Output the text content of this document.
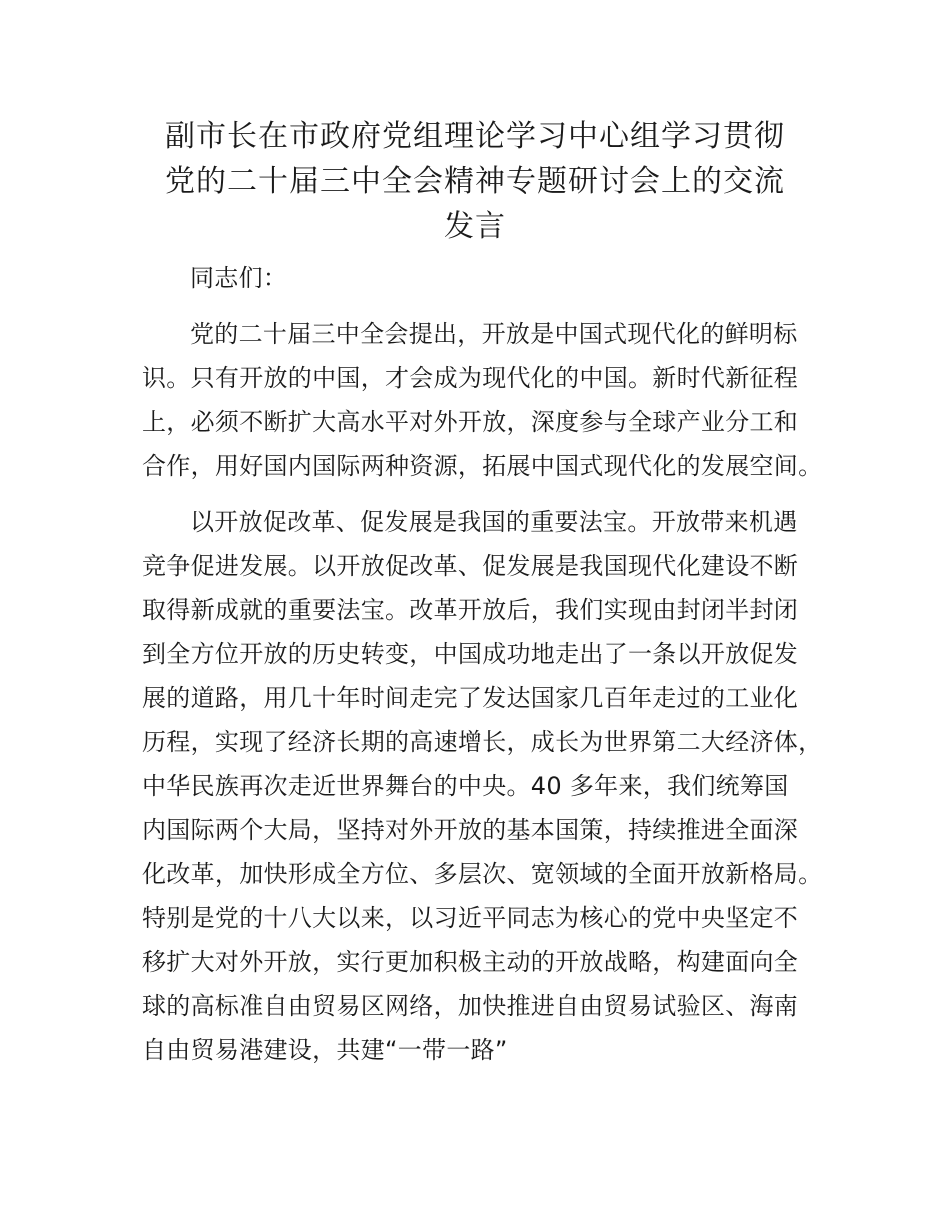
副市长在市政府党组理论学习中心组学习贯彻
党的二十届三中全会精神专题研讨会上的交流
发言
同志们：
党的二十届三中全会提出，开放是中国式现代化的鲜明标
识。只有开放的中国，才会成为现代化的中国。新时代新征程
上，必须不断扩大高水平对外开放，深度参与全球产业分工和
合作，用好国内国际两种资源，拓展中国式现代化的发展空间。
以开放促改革、促发展是我国的重要法宝。开放带来机遇
竞争促进发展。以开放促改革、促发展是我国现代化建设不断
取得新成就的重要法宝。改革开放后，我们实现由封闭半封闭
到全方位开放的历史转变，中国成功地走出了一条以开放促发
展的道路，用几十年时间走完了发达国家几百年走过的工业化
历程，实现了经济长期的高速增长，成长为世界第二大经济体，
中华民族再次走近世界舞台的中央。40 多年来，我们统筹国
内国际两个大局，坚持对外开放的基本国策，持续推进全面深
化改革，加快形成全方位、多层次、宽领域的全面开放新格局。
特别是党的十八大以来，以习近平同志为核心的党中央坚定不
移扩大对外开放，实行更加积极主动的开放战略，构建面向全
球的高标准自由贸易区网络，加快推进自由贸易试验区、海南
自由贸易港建设，共建“一带一路”
